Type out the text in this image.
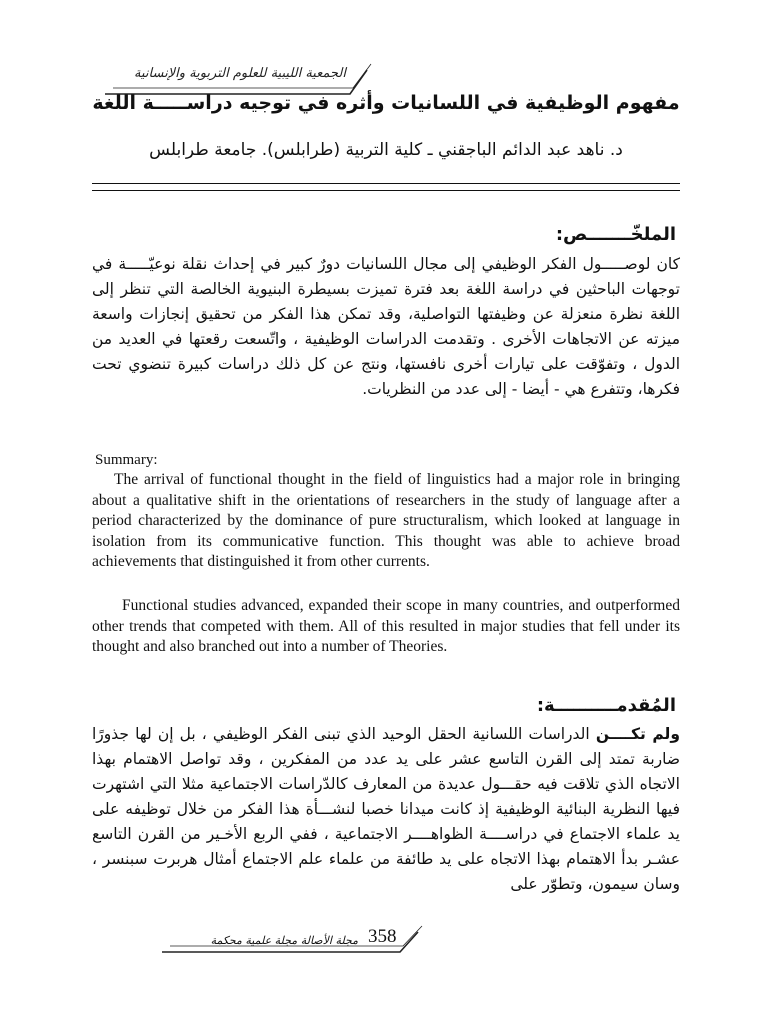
الجمعية الليبية للعلوم التربوية والإنسانية
مفهوم الوظيفية في اللسانيات وأثره في توجيه دراســـــة اللغة
د. ناهد عبد الدائم الباجقني ـ كلية التربية (طرابلس). جامعة طرابلس
الملخّـــــــص:
كان لوصـــــول الفكر الوظيفي إلى مجال اللسانيات دورٌ كبير في إحداث نقلة نوعيّـــــة في توجهات الباحثين في دراسة اللغة بعد فترة تميزت بسيطرة البنيوية الخالصة التي تنظر إلى اللغة نظرة منعزلة عن وظيفتها التواصلية، وقد تمكن هذا الفكر من تحقيق إنجازات واسعة ميزته عن الاتجاهات الأخرى . وتقدمت الدراسات الوظيفية ، واتّسعت رقعتها في العديد من الدول ، وتفوّقت على تيارات أخرى نافستها، ونتج عن كل ذلك دراسات كبيرة تنضوي تحت فكرها، وتتفرع هي - أيضا - إلى عدد من النظريات.
Summary:
The arrival of functional thought in the field of linguistics had a major role in bringing about a qualitative shift in the orientations of researchers in the study of language after a period characterized by the dominance of pure structuralism, which looked at language in isolation from its communicative function. This thought was able to achieve broad achievements that distinguished it from other currents.
Functional studies advanced, expanded their scope in many countries, and outperformed other trends that competed with them. All of this resulted in major studies that fell under its thought and also branched out into a number of Theories.
المُقدمــــــــــة:
ولم تكــــن الدراسات اللسانية الحقل الوحيد الذي تبنى الفكر الوظيفي ، بل إن لها جذورًا ضاربة تمتد إلى القرن التاسع عشر على يد عدد من المفكرين ، وقد تواصل الاهتمام بهذا الاتجاه الذي تلاقت فيه حقـــول عديدة من المعارف كالدّراسات الاجتماعية مثلا التي اشتهرت فيها النظرية البنائية الوظيفية إذ كانت ميدانا خصبا لنشـــأة هذا الفكر من خلال توظيفه على يد علماء الاجتماع في دراســــة الظواهــــر الاجتماعية ، ففي الربع الأخـير من القرن التاسع عشـر بدأ الاهتمام بهذا الاتجاه على يد طائفة من علماء علم الاجتماع أمثال هربرت سبنسر ، وسان سيمون، وتطوّر على
مجلة الأصالة مجلة علمية محكمة 358
